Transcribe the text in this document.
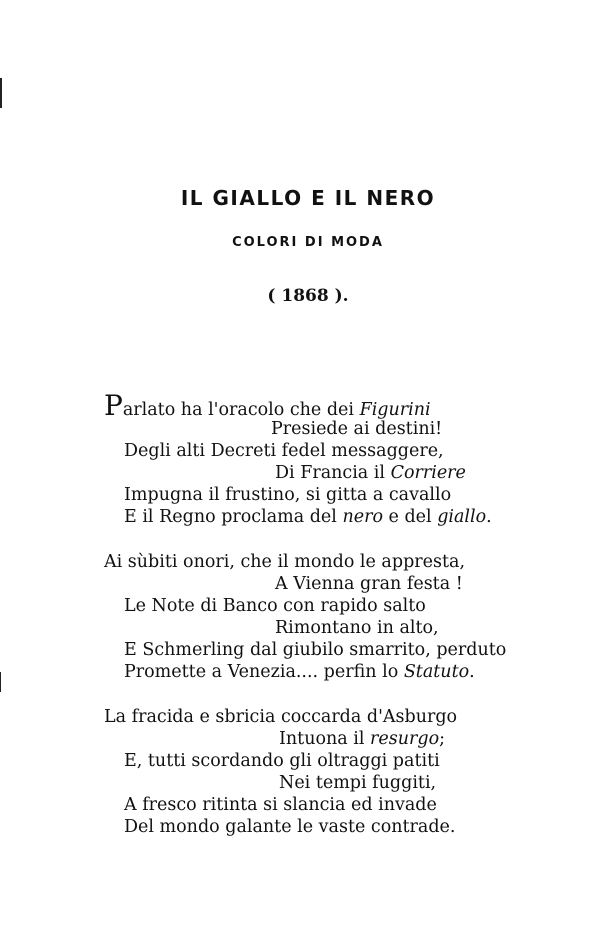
IL GIALLO E IL NERO
COLORI DI MODA
( 1868 ).
Parlato ha l'oracolo che dei Figurini
Presiede ai destini!
Degli alti Decreti fedel messaggere,
Di Francia il Corriere
Impugna il frustino, si gitta a cavallo
E il Regno proclama del nero e del giallo.
Ai sùbiti onori, che il mondo le appresta,
A Vienna gran festa !
Le Note di Banco con rapido salto
Rimontano in alto,
E Schmerling dal giubilo smarrito, perduto
Promette a Venezia.... perfin lo Statuto.
La fracida e sbricia coccarda d'Asburgo
Intuona il resurgo;
E, tutti scordando gli oltraggi patiti
Nei tempi fuggiti,
A fresco ritinta si slancia ed invade
Del mondo galante le vaste contrade.
